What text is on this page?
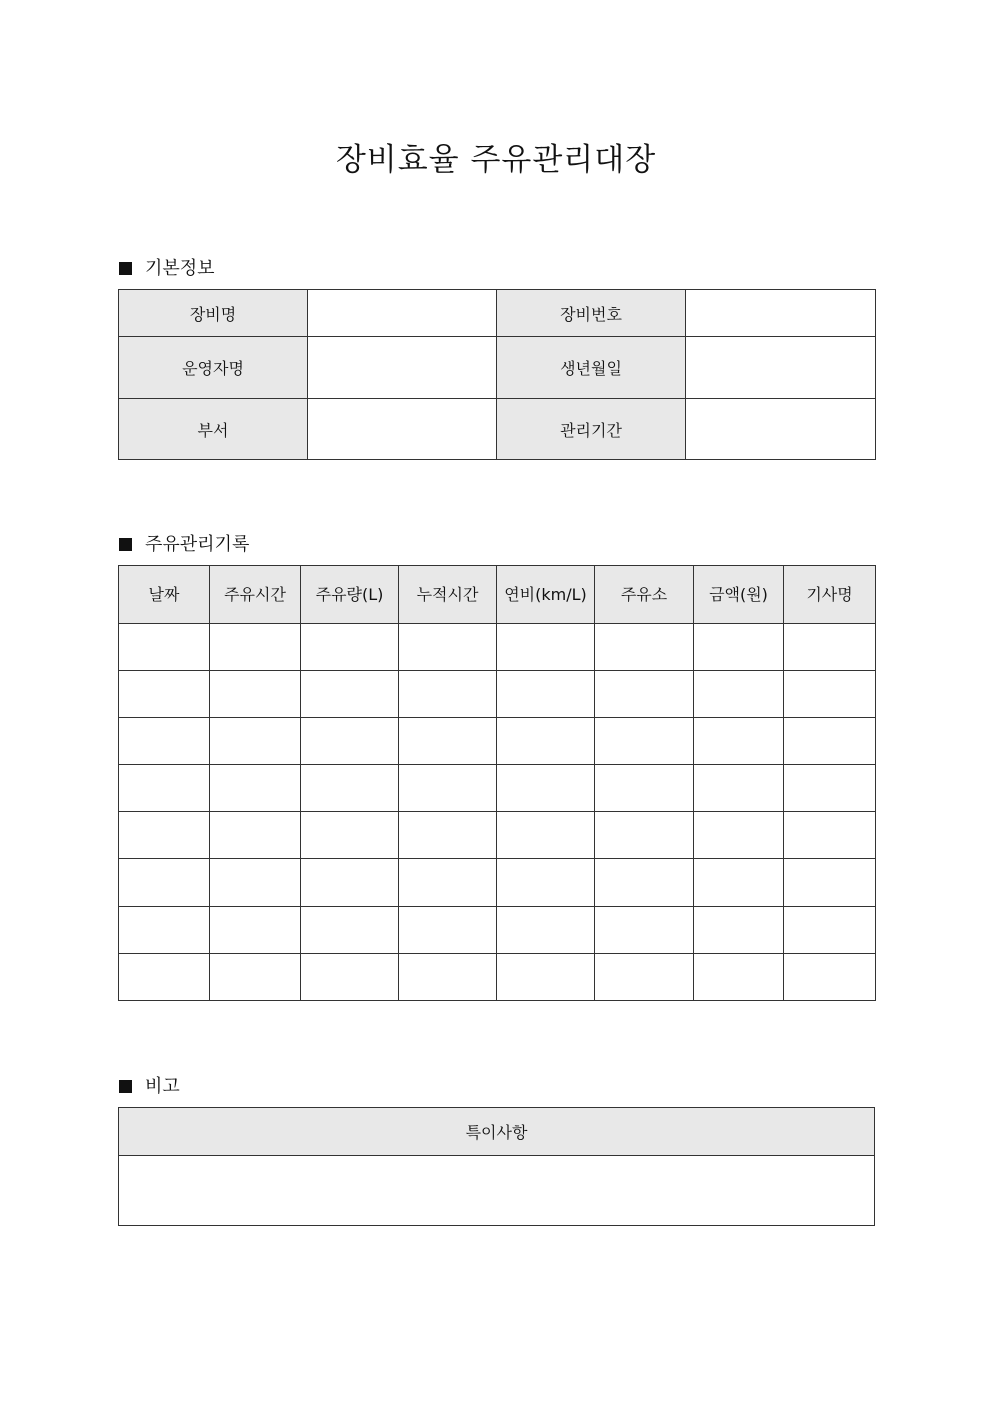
장비효율 주유관리대장
기본정보
장비명		장비번호	
운영자명		생년월일	
부서		관리기간	
주유관리기록
날짜	주유시간	주유량(L)	누적시간	연비(km/L)	주유소	금액(원)	기사명

비고
특이사항
